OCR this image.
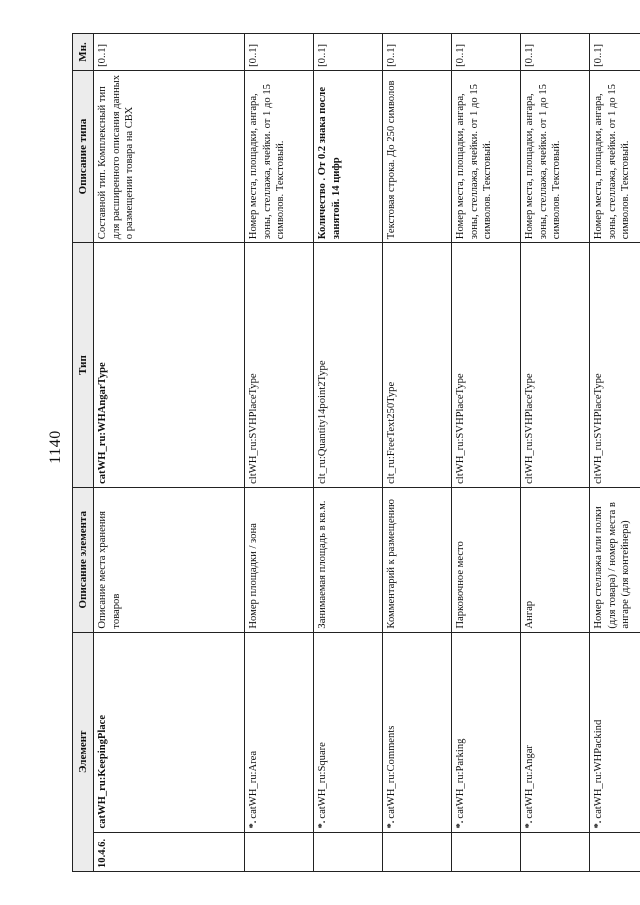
1140
Элемент		Описание элемента	Тип	Описание типа	Мн.
10.4.6.	catWH_ru:KeepingPlace	Описание места хранения товаров	catWH_ru:WHAngarType	Составной тип. Комплексный тип для расширенного описания данных о размещении товара на СВХ	[0..1]
	*.catWH_ru:Area	Номер площадки / зона	cltWH_ru:SVHPlaceType	Номер места, площадки, ангара, зоны, стеллажа, ячейки. от 1 до 15 символов. Текстовый.	[0..1]
	*.catWH_ru:Square	Занимаемая площадь в кв.м.	clt_ru:Quantity14point2Type	Количество . От 0.2 знака после занятой. 14 цифр	[0..1]
	*.catWH_ru:Comments	Комментарий к размещению	clt_ru:FreeText250Type	Текстовая строка. До 250 символов	[0..1]
	*.catWH_ru:Parking	Парковочное место	cltWH_ru:SVHPlaceType	Номер места, площадки, ангара, зоны, стеллажа, ячейки. от 1 до 15 символов. Текстовый.	[0..1]
	*.catWH_ru:Angar	Ангар	cltWH_ru:SVHPlaceType	Номер места, площадки, ангара, зоны, стеллажа, ячейки. от 1 до 15 символов. Текстовый.	[0..1]
	*.catWH_ru:WHPackind	Номер стеллажа или полки (для товара) / номер места в ангаре (для контейнера)	cltWH_ru:SVHPlaceType	Номер места, площадки, ангара, зоны, стеллажа, ячейки. от 1 до 15 символов. Текстовый.	[0..1]
